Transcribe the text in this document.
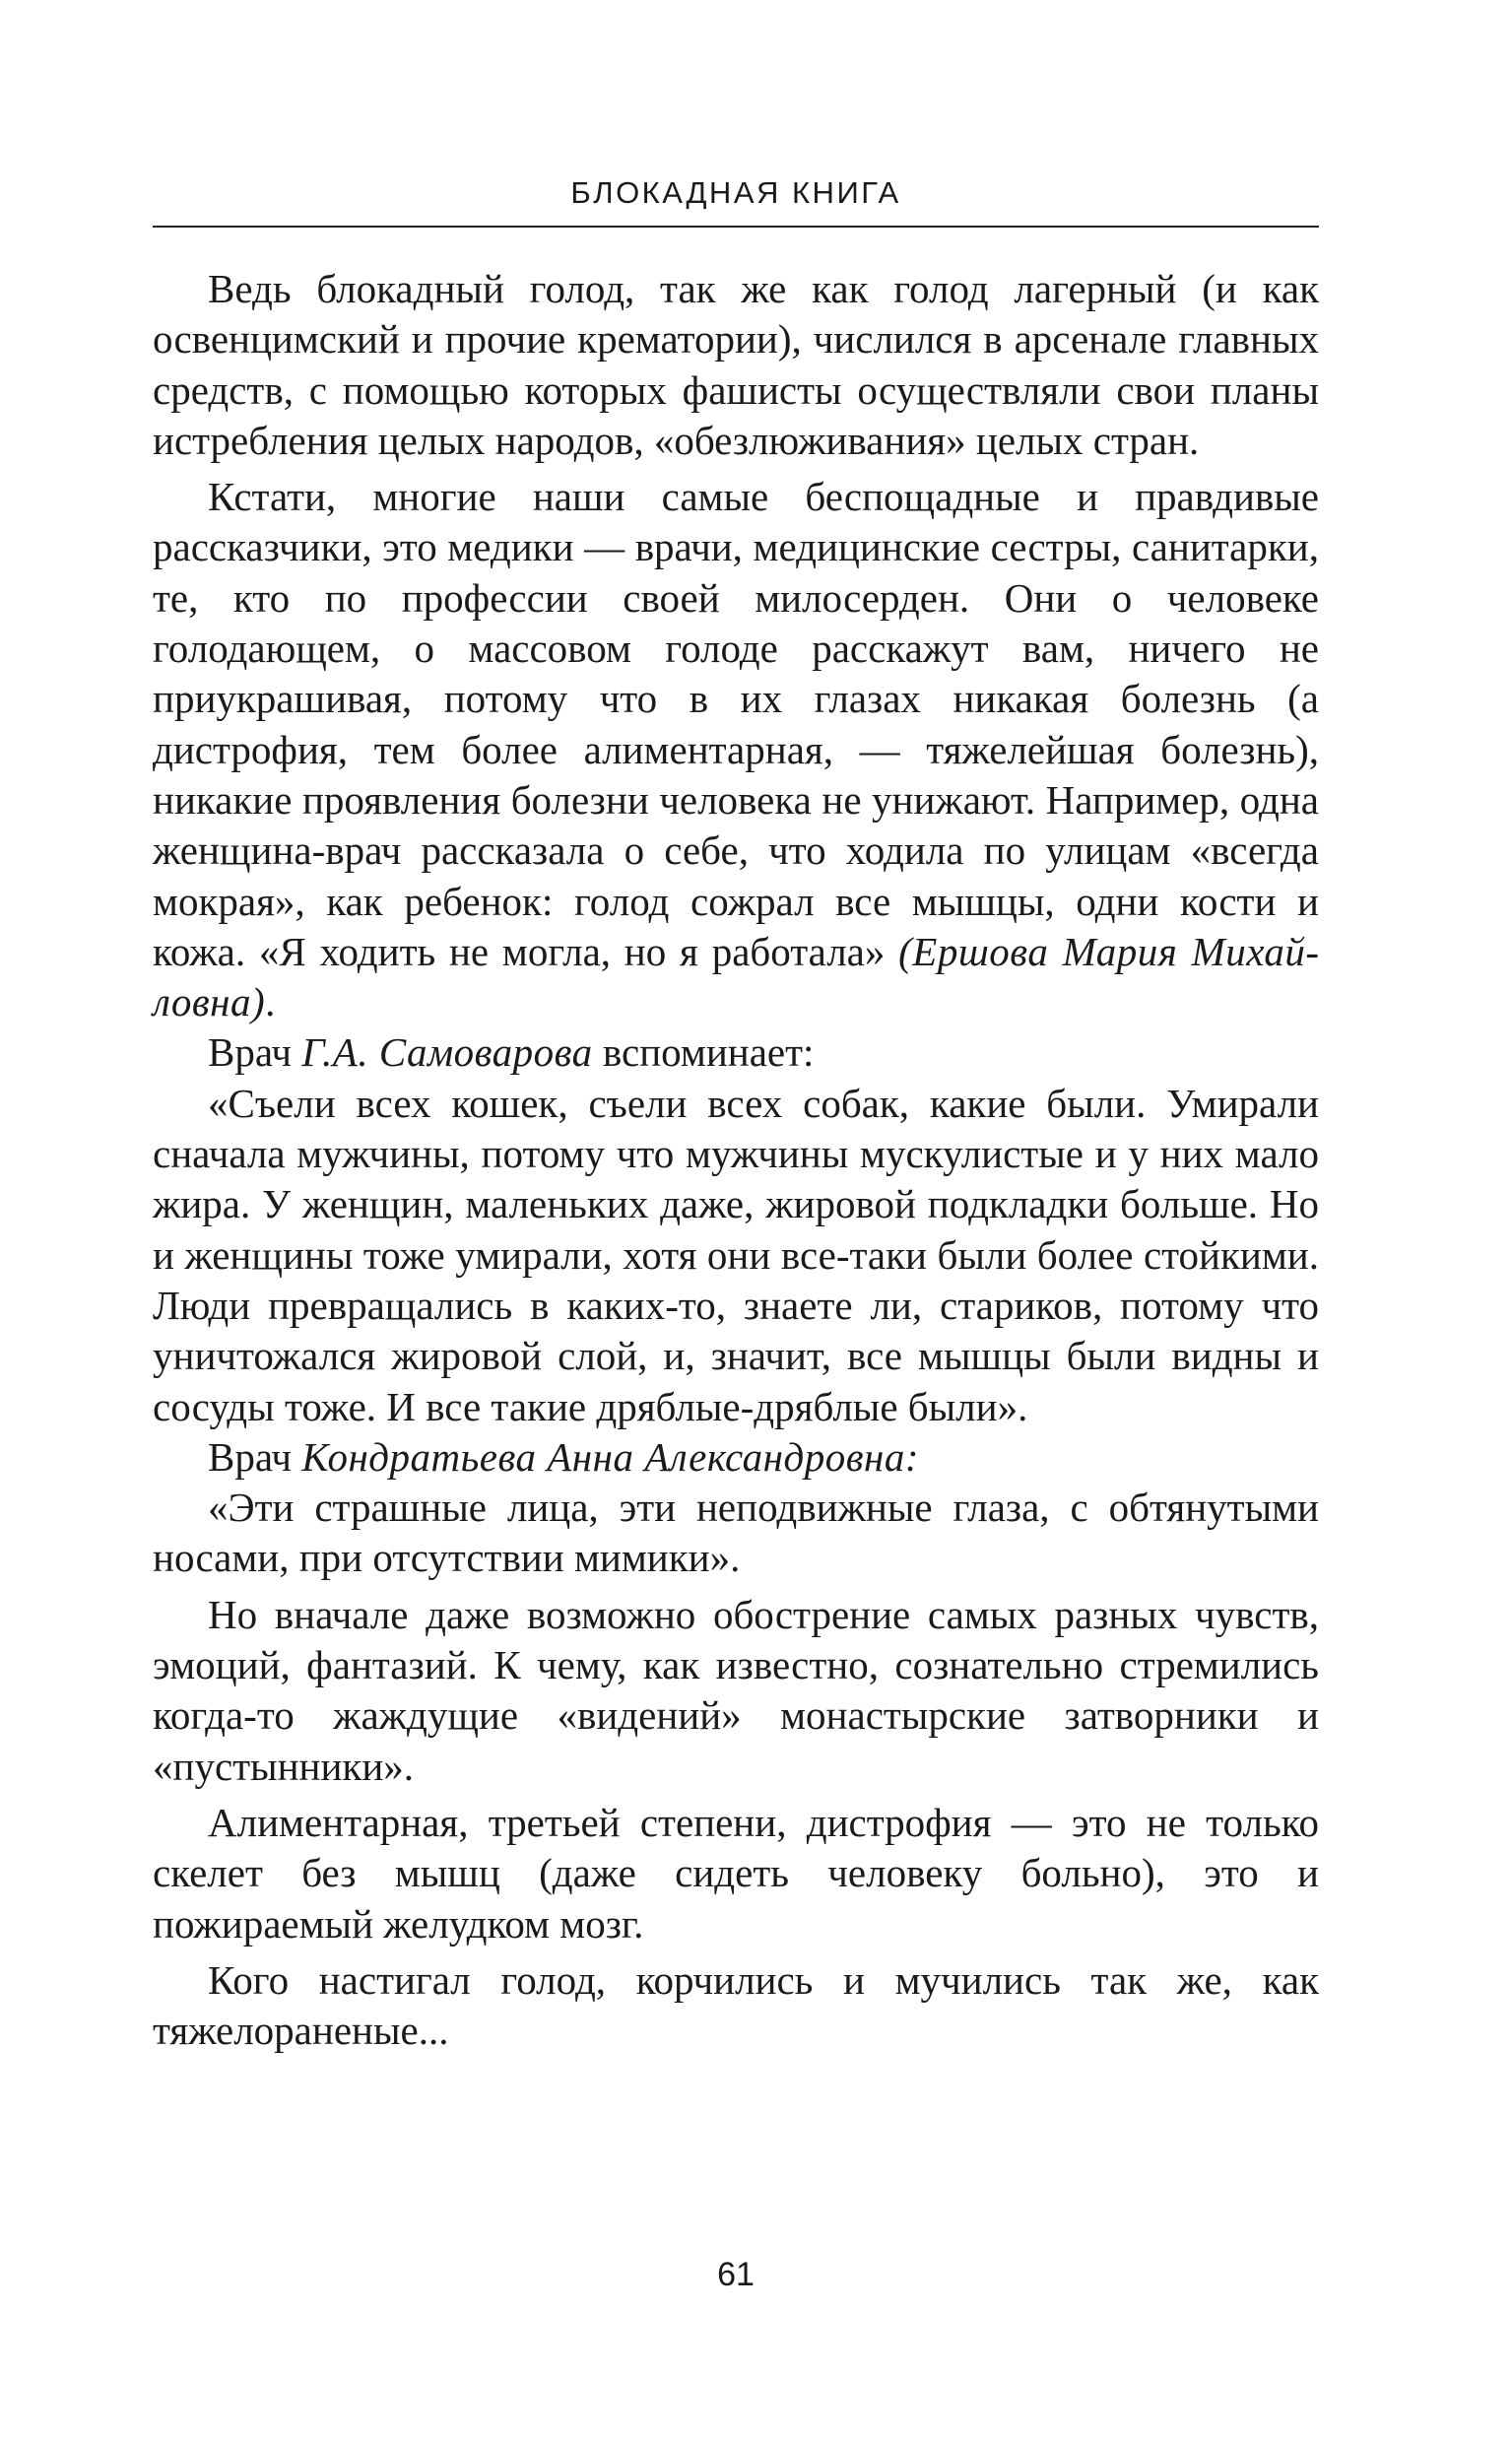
БЛОКАДНАЯ КНИГА

Ведь блокадный голод, так же как голод лагерный (и как освенцимский и прочие крематории), числился в арсенале главных средств, с помощью которых фашисты осуществляли свои планы истребления целых народов, «обезлюживания» целых стран.

Кстати, многие наши самые беспощадные и правдивые рассказчики, это медики — врачи, медицинские сестры, санитарки, те, кто по профессии своей милосерден. Они о человеке голодающем, о массовом голоде расскажут вам, ничего не приукрашивая, потому что в их глазах никакая болезнь (а дистрофия, тем более алиментарная, — тяжелейшая болезнь), никакие проявления болезни человека не унижают. Например, одна женщина-врач рассказала о себе, что ходила по улицам «всегда мокрая», как ребенок: голод сожрал все мышцы, одни кости и кожа. «Я ходить не могла, но я работала» (Ершова Мария Михайловна).

Врач Г.А. Самоварова вспоминает:

«Съели всех кошек, съели всех собак, какие были. Умирали сначала мужчины, потому что мужчины мускулистые и у них мало жира. У женщин, маленьких даже, жировой подкладки больше. Но и женщины тоже умирали, хотя они все-таки были более стойкими. Люди превращались в каких-то, знаете ли, стариков, потому что уничтожался жировой слой, и, значит, все мышцы были видны и сосуды тоже. И все такие дряблые-дряблые были».

Врач Кондратьева Анна Александровна:

«Эти страшные лица, эти неподвижные глаза, с обтянутыми носами, при отсутствии мимики».

Но вначале даже возможно обострение самых разных чувств, эмоций, фантазий. К чему, как известно, сознательно стремились когда-то жаждущие «видений» монастырские затворники и «пустынники».

Алиментарная, третьей степени, дистрофия — это не только скелет без мышц (даже сидеть человеку больно), это и пожираемый желудком мозг.

Кого настигал голод, корчились и мучились так же, как тяжелораненые...

61
